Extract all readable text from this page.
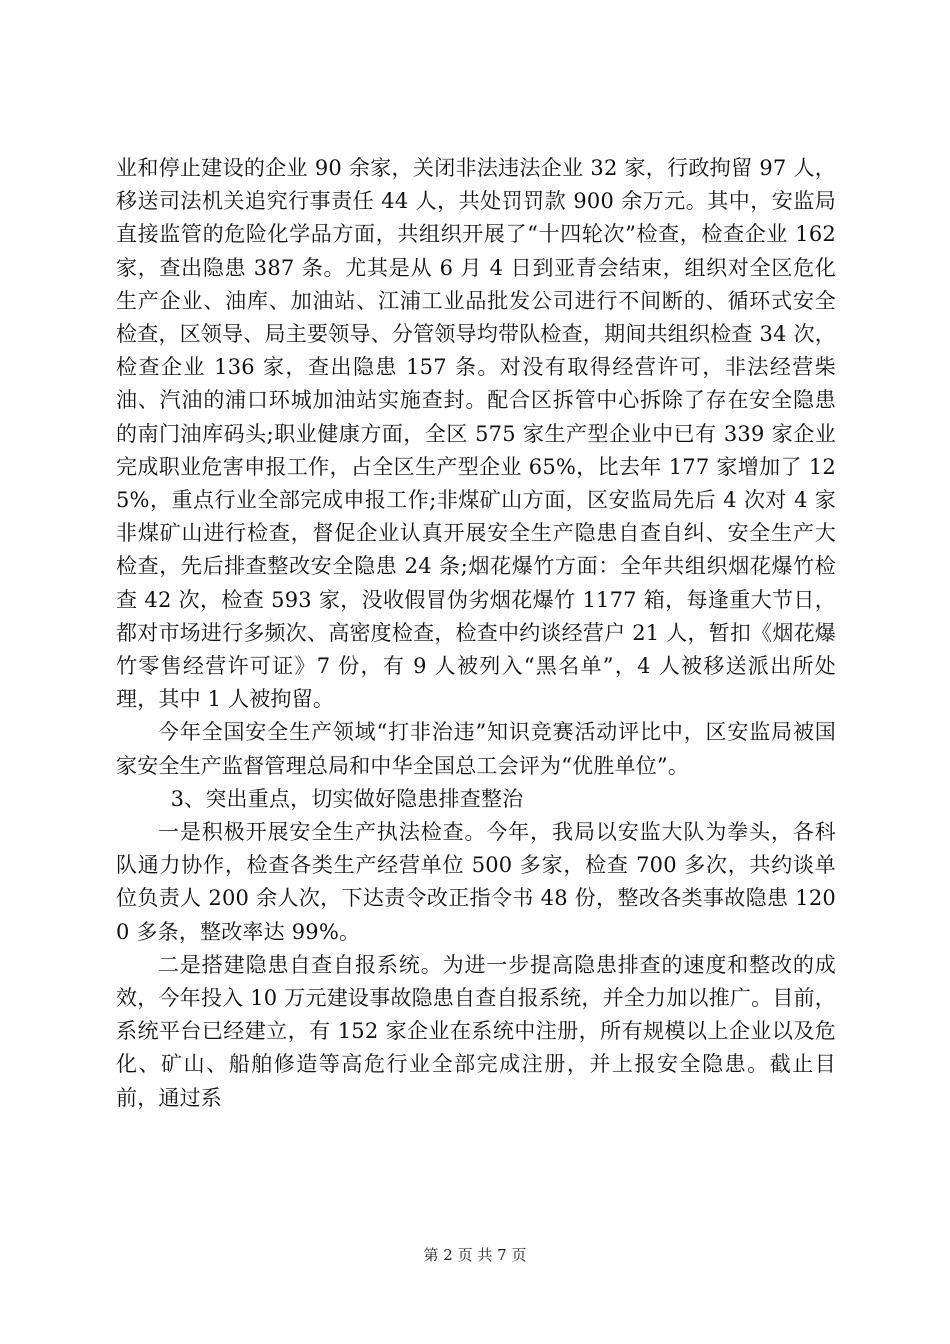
业和停止建设的企业 90 余家，关闭非法违法企业 32 家，行政拘留 97 人，移送司法机关追究行事责任 44 人，共处罚罚款 900 余万元。其中，安监局直接监管的危险化学品方面，共组织开展了“十四轮次”检查，检查企业 162 家，查出隐患 387 条。尤其是从 6 月 4 日到亚青会结束，组织对全区危化生产企业、油库、加油站、江浦工业品批发公司进行不间断的、循环式安全检查，区领导、局主要领导、分管领导均带队检查，期间共组织检查 34 次，检查企业 136 家，查出隐患 157 条。对没有取得经营许可，非法经营柴油、汽油的浦口环城加油站实施查封。配合区拆管中心拆除了存在安全隐患的南门油库码头;职业健康方面，全区 575 家生产型企业中已有 339 家企业完成职业危害申报工作，占全区生产型企业 65%，比去年 177 家增加了 125%，重点行业全部完成申报工作;非煤矿山方面，区安监局先后 4 次对 4 家非煤矿山进行检查，督促企业认真开展安全生产隐患自查自纠、安全生产大检查，先后排查整改安全隐患 24 条;烟花爆竹方面：全年共组织烟花爆竹检查 42 次，检查 593 家，没收假冒伪劣烟花爆竹 1177 箱，每逢重大节日，都对市场进行多频次、高密度检查，检查中约谈经营户 21 人，暂扣《烟花爆竹零售经营许可证》7 份，有 9 人被列入“黑名单”，4 人被移送派出所处理，其中 1 人被拘留。

今年全国安全生产领域“打非治违”知识竞赛活动评比中，区安监局被国家安全生产监督管理总局和中华全国总工会评为“优胜单位”。

3、突出重点，切实做好隐患排查整治

一是积极开展安全生产执法检查。今年，我局以安监大队为拳头，各科队通力协作，检查各类生产经营单位 500 多家，检查 700 多次，共约谈单位负责人 200 余人次，下达责令改正指令书 48 份，整改各类事故隐患 1200 多条，整改率达 99%。

二是搭建隐患自查自报系统。为进一步提高隐患排查的速度和整改的成效，今年投入 10 万元建设事故隐患自查自报系统，并全力加以推广。目前，系统平台已经建立，有 152 家企业在系统中注册，所有规模以上企业以及危化、矿山、船舶修造等高危行业全部完成注册，并上报安全隐患。截止目前，通过系

第 2 页 共 7 页
